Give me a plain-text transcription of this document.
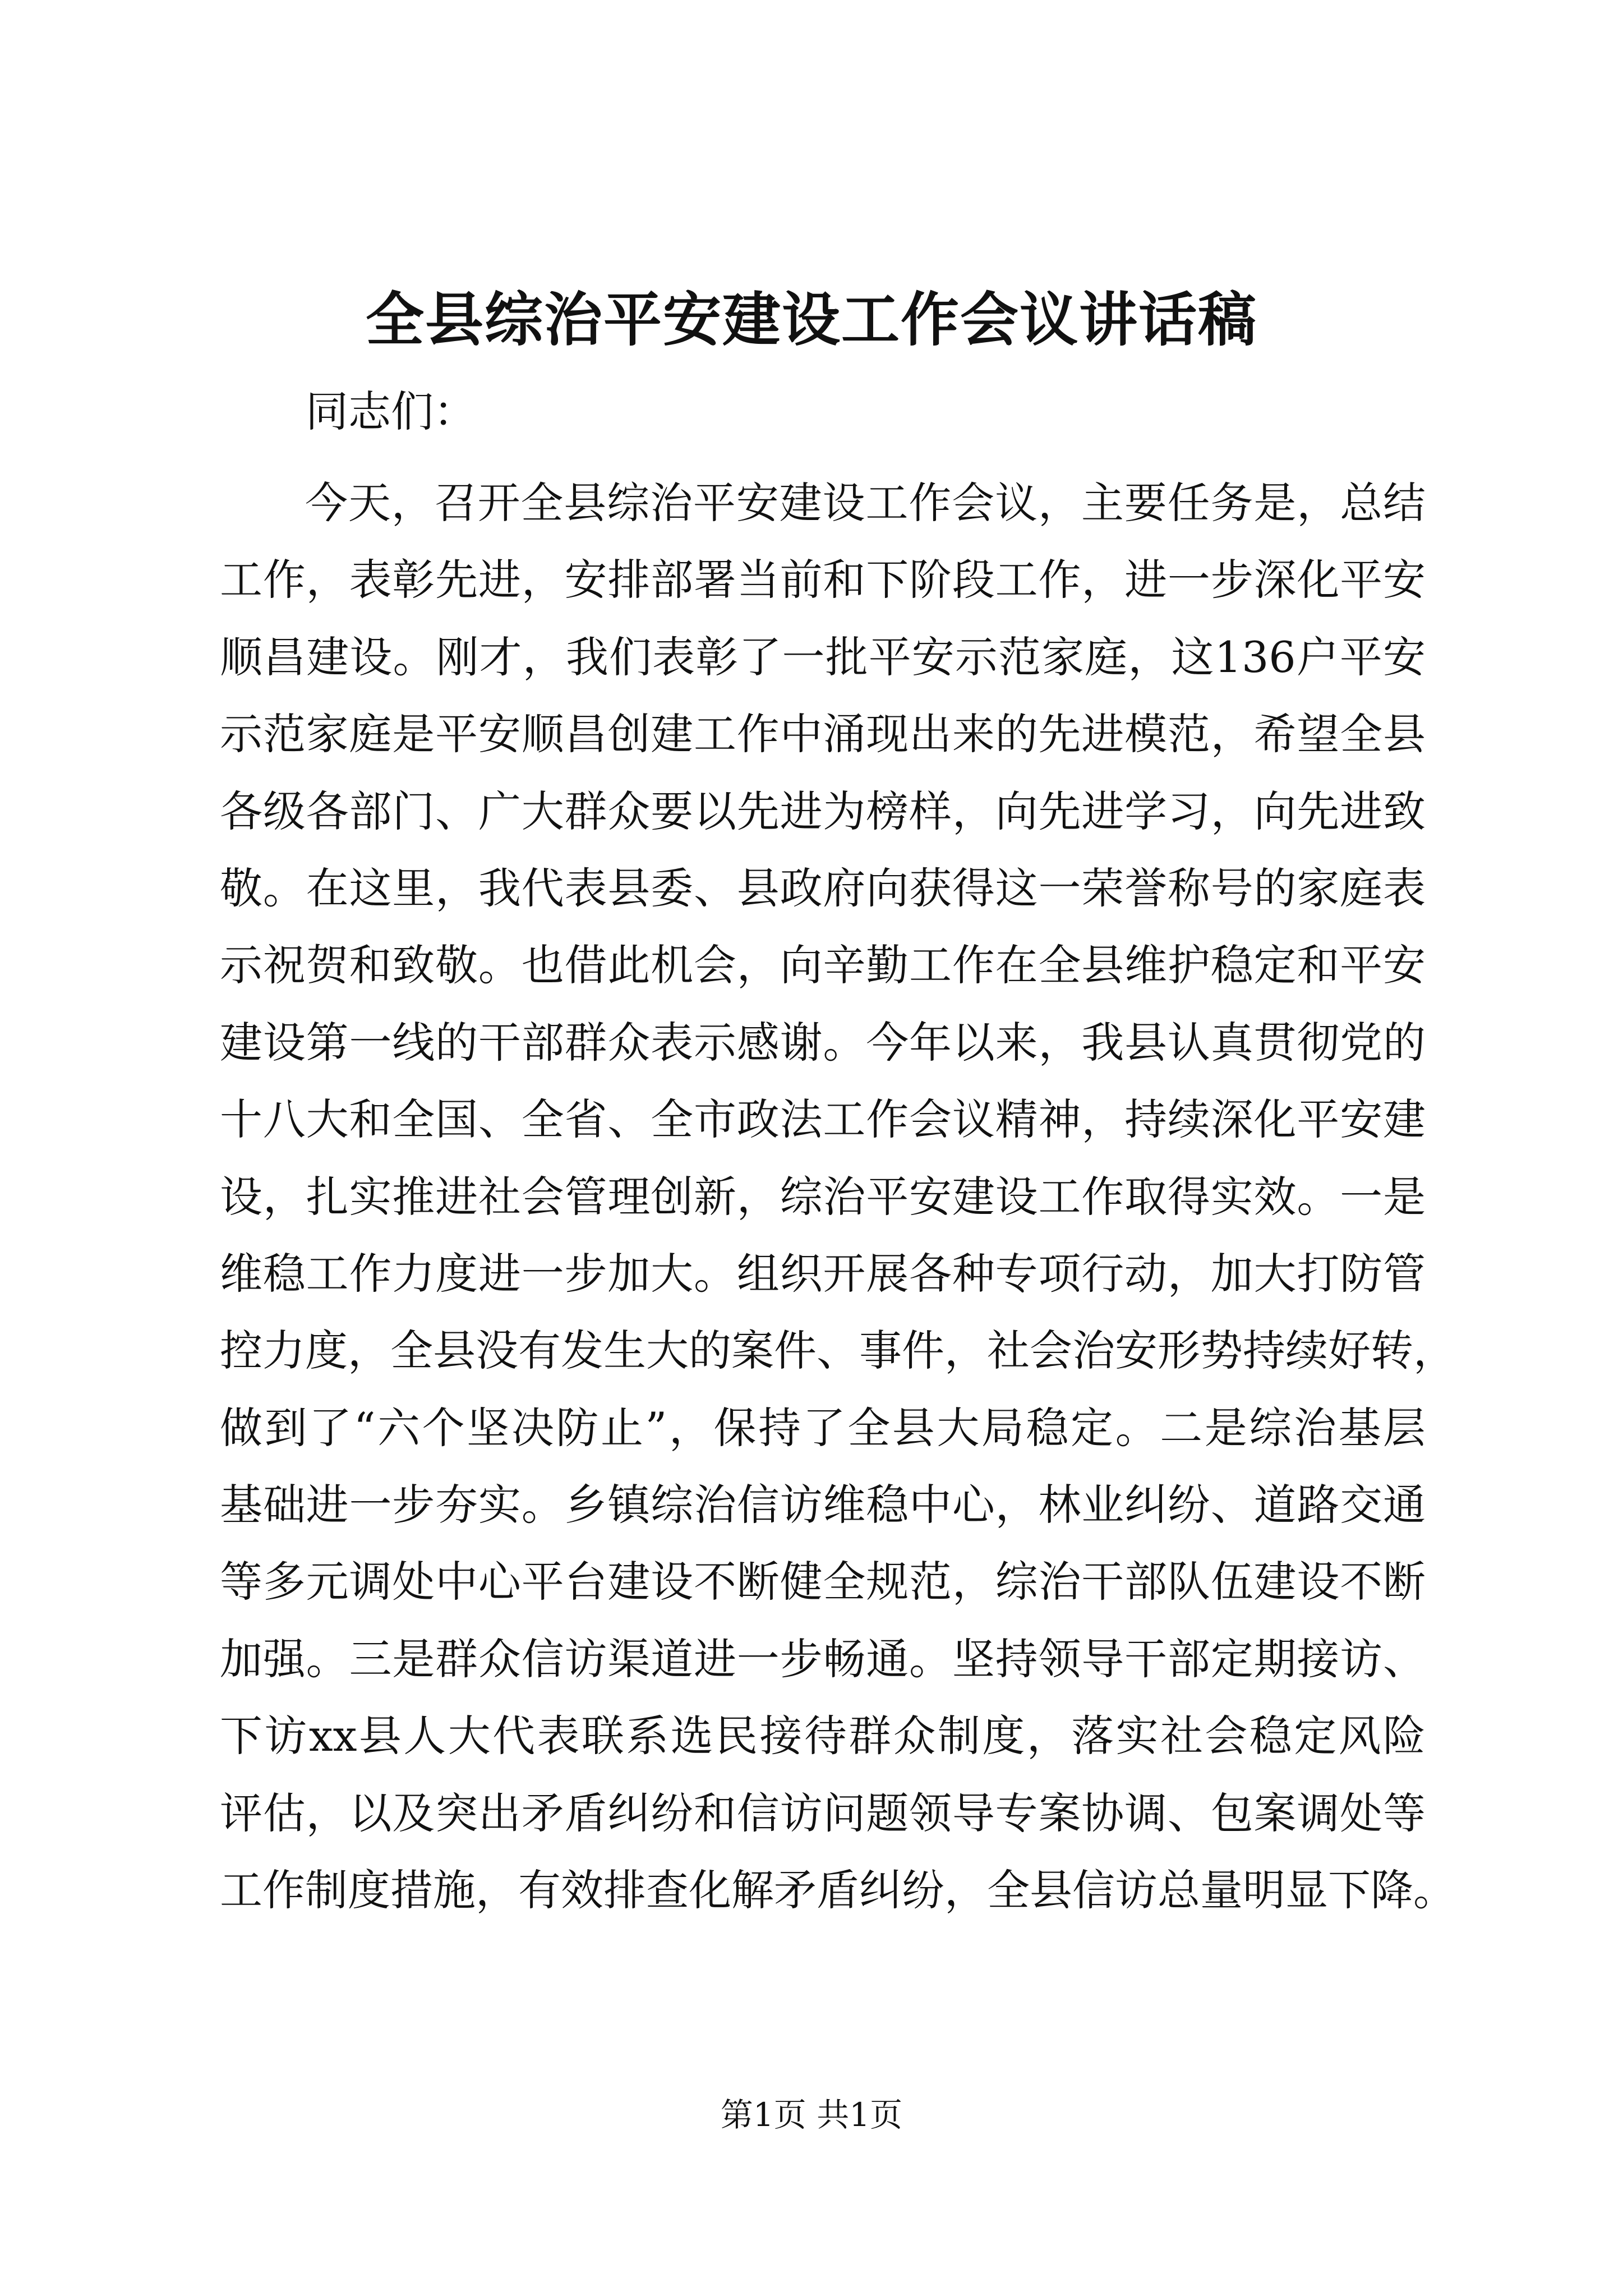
全县综治平安建设工作会议讲话稿
同志们：
今天，召开全县综治平安建设工作会议，主要任务是，总结
工作，表彰先进，安排部署当前和下阶段工作，进一步深化平安
顺昌建设。刚才，我们表彰了一批平安示范家庭，这136户平安
示范家庭是平安顺昌创建工作中涌现出来的先进模范，希望全县
各级各部门、广大群众要以先进为榜样，向先进学习，向先进致
敬。在这里，我代表县委、县政府向获得这一荣誉称号的家庭表
示祝贺和致敬。也借此机会，向辛勤工作在全县维护稳定和平安
建设第一线的干部群众表示感谢。今年以来，我县认真贯彻党的
十八大和全国、全省、全市政法工作会议精神，持续深化平安建
设，扎实推进社会管理创新，综治平安建设工作取得实效。一是
维稳工作力度进一步加大。组织开展各种专项行动，加大打防管
控力度，全县没有发生大的案件、事件，社会治安形势持续好转，
做到了“六个坚决防止”，保持了全县大局稳定。二是综治基层
基础进一步夯实。乡镇综治信访维稳中心，林业纠纷、道路交通
等多元调处中心平台建设不断健全规范，综治干部队伍建设不断
加强。三是群众信访渠道进一步畅通。坚持领导干部定期接访、
下访xx县人大代表联系选民接待群众制度，落实社会稳定风险
评估，以及突出矛盾纠纷和信访问题领导专案协调、包案调处等
工作制度措施，有效排查化解矛盾纠纷，全县信访总量明显下降。
第1页 共1页
